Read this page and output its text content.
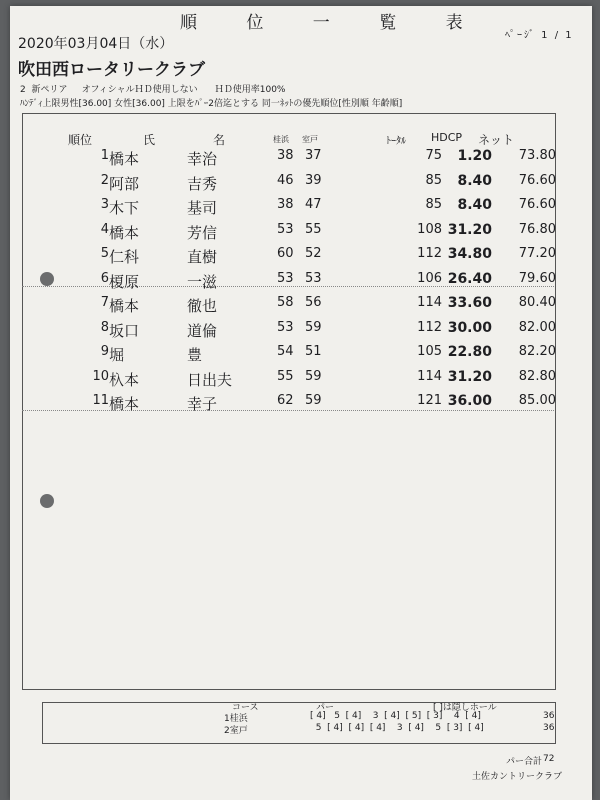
順 位 一 覧 表
ﾍﾟｰｼﾞ 1 / 1
2020年03月04日（水）
吹田西ロータリークラブ
2  新ペリア     オフィシャルＨＤ使用しない      ＨＤ使用率100%
ﾊﾝﾃﾞｨ上限男性[36.00] 女性[36.00] 上限をﾊﾟｰ2倍迄とする 同一ﾈｯﾄの優先順位[性別順 年齢順]
順位	氏	名	桂浜 室戸	ﾄｰﾀﾙ HDCP ネット
1 橋本	幸治	38 37	75 1.20 73.80
2 阿部	吉秀	46 39	85 8.40 76.60
3 木下	基司	38 47	85 8.40 76.60
4 橋本	芳信	53 55	108 31.20 76.80
5 仁科	直樹	60 52	112 34.80 77.20
6 榎原	一滋	53 53	106 26.40 79.60
7 橋本	徹也	58 56	114 33.60 80.40
8 坂口	道倫	53 59	112 30.00 82.00
9 堀	豊	54 51	105 22.80 82.20
10 杁本	日出夫	55 59	114 31.20 82.80
11 橋本	幸子	62 59	121 36.00 85.00
コース	パー	[ ]は隠しホール
1桂浜	[ 4]   5  [ 4]    3  [ 4]  [ 5]  [ 3]    4  [ 4]	36
2室戸	5  [ 4]  [ 4]  [ 4]    3  [ 4]    5  [ 3]  [ 4]	36
パー合計 72
土佐カントリークラブ
